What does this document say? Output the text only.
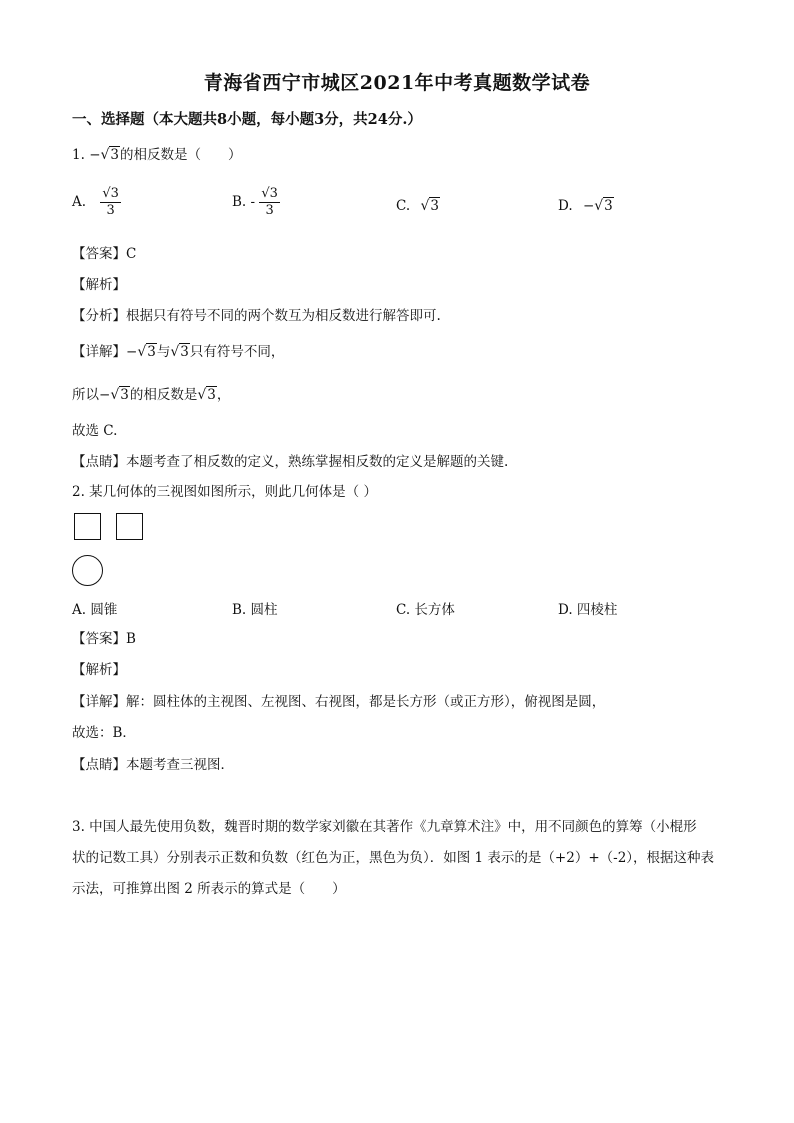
青海省西宁市城区2021年中考真题数学试卷
一、选择题（本大题共8小题，每小题3分，共24分.）
1. −√3的相反数是（　　）
A. $\frac{√3}{3}$	B. - $\frac{√3}{3}$	C. √3	D. −√3
【答案】C
【解析】
【分析】根据只有符号不同的两个数互为相反数进行解答即可.
【详解】−√3与√3只有符号不同，
所以−√3的相反数是√3，
故选 C.
【点睛】本题考查了相反数的定义，熟练掌握相反数的定义是解题的关键.
2. 某几何体的三视图如图所示，则此几何体是（ ）
A. 圆锥	B. 圆柱	C. 长方体	D. 四棱柱
【答案】B
【解析】
【详解】解：圆柱体的主视图、左视图、右视图，都是长方形（或正方形），俯视图是圆，
故选：B．
【点睛】本题考查三视图．
3. 中国人最先使用负数，魏晋时期的数学家刘徽在其著作《九章算术注》中，用不同颜色的算筹（小棍形
状的记数工具）分别表示正数和负数（红色为正，黑色为负）．如图 1 表示的是（+2）+（-2），根据这种表
示法，可推算出图 2 所表示的算式是（　　）
